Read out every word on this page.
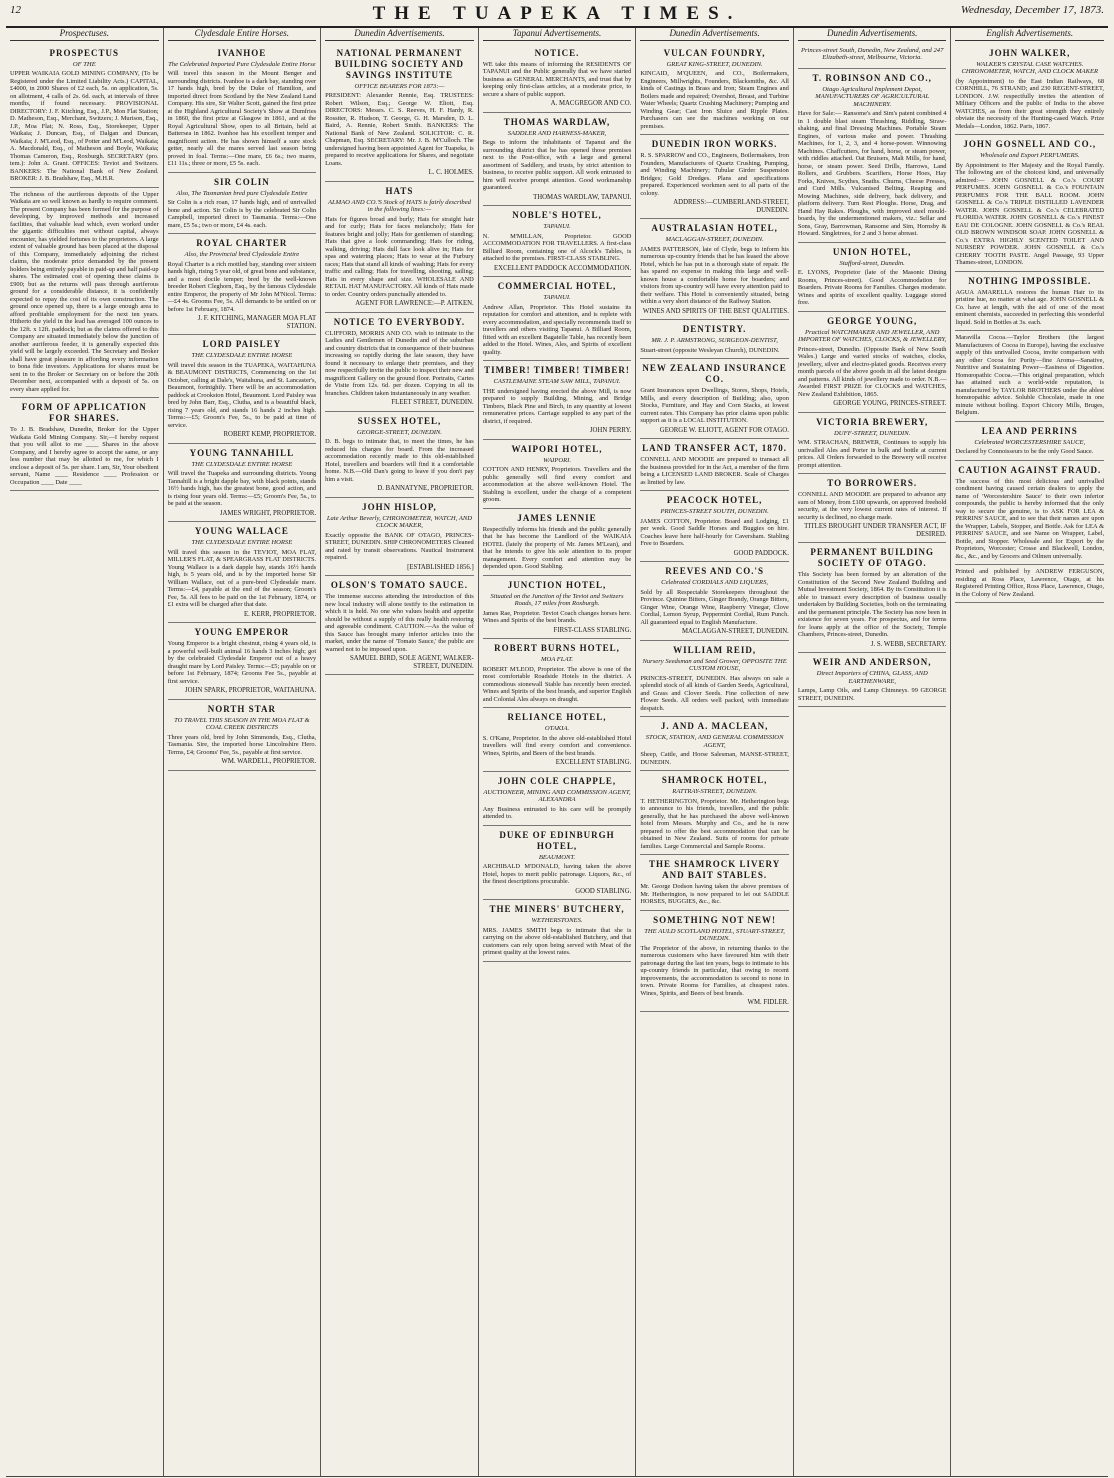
12	THE TUAPEKA TIMES.	Wednesday, December 17, 1873.
Prospectuses.
PROSPECTUS
OF THE
UPPER WAIKAIA GOLD MINING COMPANY, (To be Registered under the Limited Liability Acts.) CAPITAL, £4000, in 2000 Shares of £2 each, 5s. on application, 5s. on allotment, 4 calls of 2s. 6d. each, at intervals of three months, if found necessary. PROVISIONAL DIRECTORY: J. F. Kitching, Esq., J.P., Mon Flat Station; D. Matheson, Esq., Merchant, Switzers; J. Murison, Esq., J.P., Moa Flat; N. Ross, Esq., Storekeeper, Upper Waikaia; J. Duncan, Esq., of Dalgan and Duncan, Waikaia; J. M'Leod, Esq., of Potter and M'Leod, Waikaia; A. Macdonald, Esq., of Matheson and Boyle, Waikaia; Thomas Cameron, Esq., Roxburgh. SECRETARY (pro. tem.): John A. Grant. OFFICES: Teviot and Switzers. BANKERS: The National Bank of New Zealand. BROKER: J. B. Bradshaw, Esq., M.H.R.
The richness of the auriferous deposits of the Upper Waikaia are so well known as hardly to require comment. The present Company has been formed for the purpose of developing, by improved methods and increased facilities, that valuable lead which, even worked under the gigantic difficulties met without capital, always encounter, has yielded fortunes to the proprietors. A large extent of valuable ground has been placed at the disposal of this Company, immediately adjoining the richest claims, the moderate price demanded by the present holders being entirely payable in paid-up and half paid-up shares. The estimated cost of opening these claims is £900; but as the returns will pass through auriferous ground for a considerable distance, it is confidently expected to repay the cost of its own construction. The ground once opened up, there is a large enough area to afford profitable employment for the next ten years. Hitherto the yield in the lead has averaged 100 ounces to the 12ft. x 12ft. paddock; but as the claims offered to this Company are situated immediately below the junction of another auriferous feeder, it is generally expected this yield will be largely exceeded. The Secretary and Broker shall have great pleasure in affording every information to bona fide investors. Applications for shares must be sent in to the Broker or Secretary on or before the 20th December next, accompanied with a deposit of 5s. on every share applied for.
FORM OF APPLICATION FOR SHARES.
To J. B. Bradshaw, Dunedin, Broker for the Upper Waikaia Gold Mining Company. Sir,—I hereby request that you will allot to me ____ Shares in the above Company, and I hereby agree to accept the same, or any less number that may be allotted to me, for which I enclose a deposit of 5s. per share. I am, Sir, Your obedient servant, Name ____ Residence ____ Profession or Occupation ____ Date ____
Clydesdale Entire Horses.
IVANHOE
The Celebrated Imported Pure Clydesdale Entire Horse
Will travel this season in the Mount Benger and surrounding districts. Ivanhoe is a dark bay, standing over 17 hands high, bred by the Duke of Hamilton, and imported direct from Scotland by the New Zealand Land Company. His sire, Sir Walter Scott, gained the first prize at the Highland Agricultural Society's Show at Dumfries in 1860, the first prize at Glasgow in 1861, and at the Royal Agricultural Show, open to all Britain, held at Battersea in 1862. Ivanhoe has his excellent temper and magnificent action. He has shown himself a sure stock getter, nearly all the mares served last season being proved in foal. Terms:—One mare, £6 6s.; two mares, £11 11s.; three or more, £5 5s. each.
SIR COLIN
Also, The Tasmanian bred pure Clydesdale Entire
Sir Colin is a rich roan, 17 hands high, and of unrivalled bone and action. Sir Colin is by the celebrated Sir Colin Campbell, imported direct to Tasmania. Terms:—One mare, £5 5s.; two or more, £4 4s. each.
ROYAL CHARTER
Also, the Provincial bred Clydesdale Entire
Royal Charter is a rich mottled bay, standing over sixteen hands high, rising 5 year old, of great bone and substance, and a most docile temper; bred by the well-known breeder Robert Cleghorn, Esq., by the famous Clydesdale entire Emperor, the property of Mr John M'Nicol. Terms:—£4 4s. Grooms Fee, 5s. All demands to be settled on or before 1st February, 1874.
J. F. KITCHING, MANAGER MOA FLAT STATION.
LORD PAISLEY
THE CLYDESDALE ENTIRE HORSE
Will travel this season in the TUAPEKA, WAITAHUNA & BEAUMONT DISTRICTS, Commencing on the 1st October, calling at Dale's, Waitahuna, and St. Lancaster's, Beaumont, fortnightly. There will be an accommodation paddock at Crookston Hotel, Beaumont. Lord Paisley was bred by John Barr, Esq., Clutha, and is a beautiful black, rising 7 years old, and stands 16 hands 2 inches high. Terms:—£5; Groom's Fee, 5s., to be paid at time of service.
ROBERT KEMP, PROPRIETOR.
YOUNG TANNAHILL
THE CLYDESDALE ENTIRE HORSE
Will travel the Tuapeka and surrounding districts. Young Tannahill is a bright dapple bay, with black points, stands 16½ hands high, has the greatest bone, good action, and is rising four years old. Terms:—£5; Groom's Fee, 5s., to be paid at the season.
JAMES WRIGHT, PROPRIETOR.
YOUNG WALLACE
THE CLYDESDALE ENTIRE HORSE
Will travel this season in the TEVIOT, MOA FLAT, MILLER'S FLAT, & SPEARGRASS FLAT DISTRICTS. Young Wallace is a dark dapple bay, stands 16½ hands high, is 5 years old, and is by the imported horse Sir William Wallace, out of a pure-bred Clydesdale mare. Terms:—£4, payable at the end of the season; Groom's Fee, 5s. All fees to be paid on the 1st February, 1874, or £1 extra will be charged after that date.
E. KERR, PROPRIETOR.
YOUNG EMPEROR
Young Emperor is a bright chestnut, rising 4 years old, is a powerful well-built animal 16 hands 3 inches high; got by the celebrated Clydesdale Emperor out of a heavy draught mare by Lord Paisley. Terms:—£5; payable on or before 1st February, 1874; Grooms Fee 5s., payable at first service.
JOHN SPARK, PROPRIETOR, WAITAHUNA.
NORTH STAR
TO TRAVEL THIS SEASON IN THE MOA FLAT & COAL CREEK DISTRICTS
Three years old, bred by John Simmonds, Esq., Clutha, Tasmania. Sire, the imported horse Lincolnshire Hero. Terms, £4; Grooms' Fee, 5s., payable at first service.
WM. WARDELL, PROPRIETOR.
Dunedin Advertisements.
NATIONAL PERMANENT BUILDING SOCIETY AND SAVINGS INSTITUTE
OFFICE BEARERS FOR 1873:—
PRESIDENT: Alexander Rennie, Esq. TRUSTEES: Robert Wilson, Esq.; George W. Eliott, Esq. DIRECTORS: Messrs. C. S. Reeves, H. F. Hardy, R. Rossiter, R. Hudson, T. George, G. H. Marsden, D. L. Baird, A. Rennie, Robert Smith. BANKERS: The National Bank of New Zealand. SOLICITOR: C. R. Chapman, Esq. SECRETARY: Mr. J. B. M'Culloch. The undersigned having been appointed Agent for Tuapeka, is prepared to receive applications for Shares, and negotiate Loans.
L. C. HOLMES.
HATS
ALMAO AND CO.'S Stock of HATS is fairly described in the following lines:—
Hats for figures broad and burly; Hats for straight hair and for curly; Hats for faces melancholy; Hats for features bright and jolly; Hats for gentlemen of standing; Hats that give a look commanding; Hats for riding, walking, driving; Hats dull face look alive in; Hats for spas and watering places; Hats to wear at the Furbury races; Hats that stand all kinds of washing; Hats for every traffic and calling; Hats for travelling, shooting, sailing; Hats in every shape and size. WHOLESALE AND RETAIL HAT MANUFACTORY. All kinds of Hats made to order. Country orders punctually attended to.
AGENT FOR LAWRENCE:—P. AITKEN.
NOTICE TO EVERYBODY.
CLIFFORD, MORRIS AND CO. wish to intimate to the Ladies and Gentlemen of Dunedin and of the suburban and country districts that in consequence of their business increasing so rapidly during the late season, they have found it necessary to enlarge their premises, and they now respectfully invite the public to inspect their new and magnificent Gallery on the ground floor. Portraits, Cartes de Visite from 12s. 6d. per dozen. Copying in all its branches. Children taken instantaneously in any weather.
FLEET STREET, DUNEDIN.
SUSSEX HOTEL,
GEORGE-STREET, DUNEDIN.
D. B. begs to intimate that, to meet the times, he has reduced his charges for board. From the increased accommodation recently made to this old-established Hotel, travellers and boarders will find it a comfortable home. N.B.—Old Dan's going to leave if you don't pay him a visit.
D. BANNATYNE, PROPRIETOR.
JOHN HISLOP,
Late Arthur Beverly, CHRONOMETER, WATCH, AND CLOCK MAKER,
Exactly opposite the BANK OF OTAGO, PRINCES-STREET, DUNEDIN. SHIP CHRONOMETERS Cleaned and rated by transit observations. Nautical Instrument repaired.
[ESTABLISHED 1856.]
OLSON'S TOMATO SAUCE.
The immense success attending the introduction of this new local industry will alone testify to the estimation in which it is held. No one who values health and appetite should be without a supply of this really health restoring and agreeable condiment. CAUTION.—As the value of this Sauce has brought many inferior articles into the market, under the name of 'Tomato Sauce,' the public are warned not to be imposed upon.
SAMUEL BIRD, SOLE AGENT, WALKER-STREET, DUNEDIN.
Tapanui Advertisements.
NOTICE.
WE take this means of informing the RESIDENTS OF TAPANUI and the Public generally that we have started business as GENERAL MERCHANTS, and trust that by keeping only first-class articles, at a moderate price, to secure a share of public support.
A. MACGREGOR AND CO.
THOMAS WARDLAW,
SADDLER AND HARNESS-MAKER,
Begs to inform the inhabitants of Tapanui and the surrounding district that he has opened those premises next to the Post-office, with a large and general assortment of Saddlery, and trusts, by strict attention to business, to receive public support. All work entrusted to him will receive prompt attention. Good workmanship guaranteed.
THOMAS WARDLAW, TAPANUI.
NOBLE'S HOTEL,
TAPANUI.
N. M'MILLAN, Proprietor. GOOD ACCOMMODATION FOR TRAVELLERS. A first-class Billiard Room, containing one of Alcock's Tables, is attached to the premises. FIRST-CLASS STABLING.
EXCELLENT PADDOCK ACCOMMODATION.
COMMERCIAL HOTEL,
TAPANUI.
Andrew Allan, Proprietor. This Hotel sustains its reputation for comfort and attention, and is replete with every accommodation, and specially recommends itself to travellers and others visiting Tapanui. A Billiard Room, fitted with an excellent Bagatelle Table, has recently been added to the Hotel. Wines, Ales, and Spirits of excellent quality.
TIMBER! TIMBER! TIMBER!
CASTLEMAINE STEAM SAW MILL, TAPANUI.
THE undersigned having erected the above Mill, is now prepared to supply Building, Mining, and Bridge Timbers, Black Pine and Birch, in any quantity at lowest remunerative prices. Carriage supplied to any part of the district, if required.
JOHN PERRY.
WAIPORI HOTEL,
WAIPORI.
COTTON AND HENRY, Proprietors. Travellers and the public generally will find every comfort and accommodation at the above well-known Hotel. The Stabling is excellent, under the charge of a competent groom.
JAMES LENNIE
Respectfully informs his friends and the public generally that he has become the Landlord of the WAIKAIA HOTEL (lately the property of Mr. James M'Lean), and that he intends to give his sole attention to its proper management. Every comfort and attention may be depended upon. Good Stabling.
JUNCTION HOTEL,
Situated on the Junction of the Teviot and Switzers Roads, 17 miles from Roxburgh.
James Rae, Proprietor. Teviot Coach changes horses here. Wines and Spirits of the best brands.
FIRST-CLASS STABLING.
ROBERT BURNS HOTEL,
MOA FLAT.
ROBERT M'LEOD, Proprietor. The above is one of the most comfortable Roadside Hotels in the district. A commodious stonewall Stable has recently been erected. Wines and Spirits of the best brands, and superior English and Colonial Ales always on draught.
RELIANCE HOTEL,
OTAKIA.
S. O'Kane, Proprietor. In the above old-established Hotel travellers will find every comfort and convenience. Wines, Spirits, and Beers of the best brands.
EXCELLENT STABLING.
JOHN COLE CHAPPLE,
AUCTIONEER, MINING AND COMMISSION AGENT, ALEXANDRA
Any Business entrusted to his care will be promptly attended to.
DUKE OF EDINBURGH HOTEL,
BEAUMONT.
ARCHIBALD M'DONALD, having taken the above Hotel, hopes to merit public patronage. Liquors, &c., of the finest descriptions procurable.
GOOD STABLING.
THE MINERS' BUTCHERY,
WETHERSTONES.
MRS. JAMES SMITH begs to intimate that she is carrying on the above old-established Butchery, and that customers can rely upon being served with Meat of the primest quality at the lowest rates.
Dunedin Advertisements.
VULCAN FOUNDRY,
GREAT KING-STREET, DUNEDIN.
KINCAID, M'QUEEN, and CO., Boilermakers, Engineers, Millwrights, Founders, Blacksmiths, &c. All kinds of Castings in Brass and Iron; Steam Engines and Boilers made and repaired; Overshot, Breast, and Turbine Water Wheels; Quartz Crushing Machinery; Pumping and Winding Gear; Cast Iron Sluice and Ripple Plates. Purchasers can see the machines working on our premises.
DUNEDIN IRON WORKS.
R. S. SPARROW and CO., Engineers, Boilermakers, Iron Founders, Manufacturers of Quartz Crushing, Pumping, and Winding Machinery; Tubular Girder Suspension Bridges; Gold Dredges. Plans and specifications prepared. Experienced workmen sent to all parts of the colony.
ADDRESS:—CUMBERLAND-STREET, DUNEDIN.
AUSTRALASIAN HOTEL,
MACLAGGAN-STREET, DUNEDIN.
JAMES PATTERSON, late of Clyde, begs to inform his numerous up-country friends that he has leased the above Hotel, which he has put in a thorough state of repair. He has spared no expense in making this large and well-known house a comfortable home for boarders; and visitors from up-country will have every attention paid to their welfare. This Hotel is conveniently situated, being within a very short distance of the Railway Station.
WINES AND SPIRITS OF THE BEST QUALITIES.
DENTISTRY.
MR. J. P. ARMSTRONG, SURGEON-DENTIST,
Stuart-street (opposite Wesleyan Church), DUNEDIN.
NEW ZEALAND INSURANCE CO.
Grant Insurances upon Dwellings, Stores, Shops, Hotels, Mills, and every description of Building; also, upon Stocks, Furniture, and Hay and Corn Stacks, at lowest current rates. This Company has prior claims upon public support as it is a LOCAL INSTITUTION.
GEORGE W. ELIOTT, AGENT FOR OTAGO.
LAND TRANSFER ACT, 1870.
CONNELL AND MOODIE are prepared to transact all the business provided for in the Act, a member of the firm being a LICENSED LAND BROKER. Scale of Charges as limited by law.
PEACOCK HOTEL,
PRINCES-STREET SOUTH, DUNEDIN.
JAMES COTTON, Proprietor. Board and Lodging, £1 per week. Good Saddle Horses and Buggies on hire. Coaches leave here half-hourly for Caversham. Stabling Free to Boarders.
GOOD PADDOCK.
REEVES AND CO.'S
Celebrated CORDIALS AND LIQUERS,
Sold by all Respectable Storekeepers throughout the Province. Quinine Bitters, Ginger Brandy, Orange Bitters, Ginger Wine, Orange Wine, Raspberry Vinegar, Clove Cordial, Lemon Syrup, Peppermint Cordial, Rum Punch. All guaranteed equal to English Manufacture.
MACLAGGAN-STREET, DUNEDIN.
WILLIAM REID,
Nursery Seedsman and Seed Grower, OPPOSITE THE CUSTOM HOUSE,
PRINCES-STREET, DUNEDIN. Has always on sale a splendid stock of all kinds of Garden Seeds, Agricultural, and Grass and Clover Seeds. Fine collection of new Flower Seeds. All orders well packed, with immediate despatch.
J. AND A. MACLEAN,
STOCK, STATION, AND GENERAL COMMISSION AGENT,
Sheep, Cattle, and Horse Salesman, MANSE-STREET, DUNEDIN.
SHAMROCK HOTEL,
RATTRAY-STREET, DUNEDIN.
T. HETHERINGTON, Proprietor. Mr. Hetherington begs to announce to his friends, travellers, and the public generally, that he has purchased the above well-known hotel from Messrs. Murphy and Co., and he is now prepared to offer the best accommodation that can be obtained in New Zealand. Suits of rooms for private families. Large Commercial and Sample Rooms.
THE SHAMROCK LIVERY AND BAIT STABLES.
Mr. George Dodson having taken the above premises of Mr. Hetherington, is now prepared to let out SADDLE HORSES, BUGGIES, &c., &c.
SOMETHING NOT NEW!
THE AULD SCOTLAND HOTEL, STUART-STREET, DUNEDIN.
The Proprietor of the above, in returning thanks to the numerous customers who have favoured him with their patronage during the last ten years, begs to intimate to his up-country friends in particular, that owing to recent improvements, the accommodation is second to none in town. Private Rooms for Families, at cheapest rates. Wines, Spirits, and Beers of best brands.
WM. FIDLER.
Dunedin Advertisements.
Princes-street South, Dunedin, New Zealand, and 247 Elizabeth-street, Melbourne, Victoria.
T. ROBINSON AND CO.,
Otago Agricultural Implement Depot, MANUFACTURERS OF AGRICULTURAL MACHINERY.
Have for Sale:— Ransome's and Sim's patent combined 4 in 1 double blast steam Thrashing, Riddling, Straw-shaking, and final Dressing Machines. Portable Steam Engines, of various make and power. Thrashing Machines, for 1, 2, 3, and 4 horse-power. Winnowing Machines. Chaffcutters, for hand, horse, or steam power, with riddles attached. Oat Bruisers, Malt Mills, for hand, horse, or steam power. Seed Drills, Harrows, Land Rollers, and Grubbers. Scarifiers, Horse Hoes, Hay Forks, Knives, Scythes, Snaths. Churns, Cheese Presses, and Curd Mills. Vulcanised Belting. Reaping and Mowing Machines, side delivery, back delivery, and platform delivery. Turn Rest Ploughs. Horse, Drag, and Hand Hay Rakes. Ploughs, with improved steel mould-boards, by the undermentioned makers, viz.: Sellar and Sons, Gray, Barrowman, Ransome and Sim, Hornsby & Howard. Singletrees, for 2 and 3 horse abreast.
UNION HOTEL,
Stafford-street, Dunedin.
E. LYONS, Proprietor (late of the Masonic Dining Rooms, Princes-street). Good Accommodation for Boarders. Private Rooms for Families. Charges moderate. Wines and spirits of excellent quality. Luggage stored free.
GEORGE YOUNG,
Practical WATCHMAKER AND JEWELLER, AND IMPORTER OF WATCHES, CLOCKS, & JEWELLERY,
Princes-street, Dunedin. (Opposite Bank of New South Wales.) Large and varied stocks of watches, clocks, jewellery, silver and electro-plated goods. Receives every month parcels of the above goods in all the latest designs and patterns. All kinds of jewellery made to order. N.B.—Awarded FIRST PRIZE for CLOCKS and WATCHES, New Zealand Exhibition, 1865.
GEORGE YOUNG, PRINCES-STREET.
VICTORIA BREWERY,
DUFF-STREET, DUNEDIN.
WM. STRACHAN, BREWER, Continues to supply his unrivalled Ales and Porter in bulk and bottle at current prices. All Orders forwarded to the Brewery will receive prompt attention.
TO BORROWERS.
CONNELL AND MOODIE are prepared to advance any sum of Money, from £100 upwards, on approved freehold security, at the very lowest current rates of interest. If security is declined, no charge made.
TITLES BROUGHT UNDER TRANSFER ACT, IF DESIRED.
PERMANENT BUILDING SOCIETY OF OTAGO.
This Society has been formed by an alteration of the Constitution of the Second New Zealand Building and Mutual Investment Society, 1864. By its Constitution it is able to transact every description of business usually undertaken by Building Societies, both on the terminating and the permanent principle. The Society has now been in existence for seven years. For prospectus, and for terms for loans apply at the office of the Society, Temple Chambers, Princes-street, Dunedin.
J. S. WEBB, SECRETARY.
WEIR AND ANDERSON,
Direct Importers of CHINA, GLASS, AND EARTHENWARE,
Lamps, Lamp Oils, and Lamp Chimneys. 99 GEORGE STREET, DUNEDIN.
English Advertisements.
JOHN WALKER,
WALKER'S CRYSTAL CASE WATCHES. CHRONOMETER, WATCH, AND CLOCK MAKER
(by Appointment) to the East Indian Railways, 68 CORNHILL, 76 STRAND; and 230 REGENT-STREET, LONDON. J.W. respectfully invites the attention of Military Officers and the public of India to the above WATCHES, as from their great strength they entirely obviate the necessity of the Hunting-cased Watch. Prize Medals—London, 1862. Paris, 1867.
JOHN GOSNELL AND CO.,
Wholesale and Export PERFUMERS.
By Appointment to Her Majesty and the Royal Family. The following are of the choicest kind, and universally admired:— JOHN GOSNELL & Co.'s COURT PERFUMES. JOHN GOSNELL & Co.'s FOUNTAIN PERFUMES FOR THE BALL ROOM. JOHN GOSNELL & Co.'s TRIPLE DISTILLED LAVENDER WATER. JOHN GOSNELL & Co.'s CELEBRATED FLORIDA WATER. JOHN GOSNELL & Co.'s FINEST EAU DE COLOGNE. JOHN GOSNELL & Co.'s REAL OLD BROWN WINDSOR SOAP. JOHN GOSNELL & Co.'s EXTRA HIGHLY SCENTED TOILET AND NURSERY POWDER. JOHN GOSNELL & Co.'s CHERRY TOOTH PASTE. Angel Passage, 93 Upper Thames-street, LONDON.
NOTHING IMPOSSIBLE.
AGUA AMARELLA restores the human Hair to its pristine hue, no matter at what age. JOHN GOSNELL & Co. have at length, with the aid of one of the most eminent chemists, succeeded in perfecting this wonderful liquid. Sold in Bottles at 3s. each.
Maravilla Cocoa.—Taylor Brothers (the largest Manufacturers of Cocoa in Europe), having the exclusive supply of this unrivalled Cocoa, invite comparison with any other Cocoa for Purity—fine Aroma—Sanative, Nutritive and Sustaining Power—Easiness of Digestion. Homœopathic Cocoa.—This original preparation, which has attained such a world-wide reputation, is manufactured by TAYLOR BROTHERS under the ablest homœopathic advice. Soluble Chocolate, made in one minute without boiling. Export Chicory Mills, Bruges, Belgium.
LEA AND PERRINS
Celebrated WORCESTERSHIRE SAUCE,
Declared by Connoisseurs to be the only Good Sauce.
CAUTION AGAINST FRAUD.
The success of this most delicious and unrivalled condiment having caused certain dealers to apply the name of 'Worcestershire Sauce' to their own inferior compounds, the public is hereby informed that the only way to secure the genuine, is to ASK FOR LEA & PERRINS' SAUCE, and to see that their names are upon the Wrapper, Labels, Stopper, and Bottle. Ask for LEA & PERRINS' SAUCE, and see Name on Wrapper, Label, Bottle, and Stopper. Wholesale and for Export by the Proprietors, Worcester; Crosse and Blackwell, London, &c., &c., and by Grocers and Oilmen universally.
Printed and published by ANDREW FERGUSON, residing at Ross Place, Lawrence, Otago, at his Registered Printing Office, Ross Place, Lawrence, Otago, in the Colony of New Zealand.
